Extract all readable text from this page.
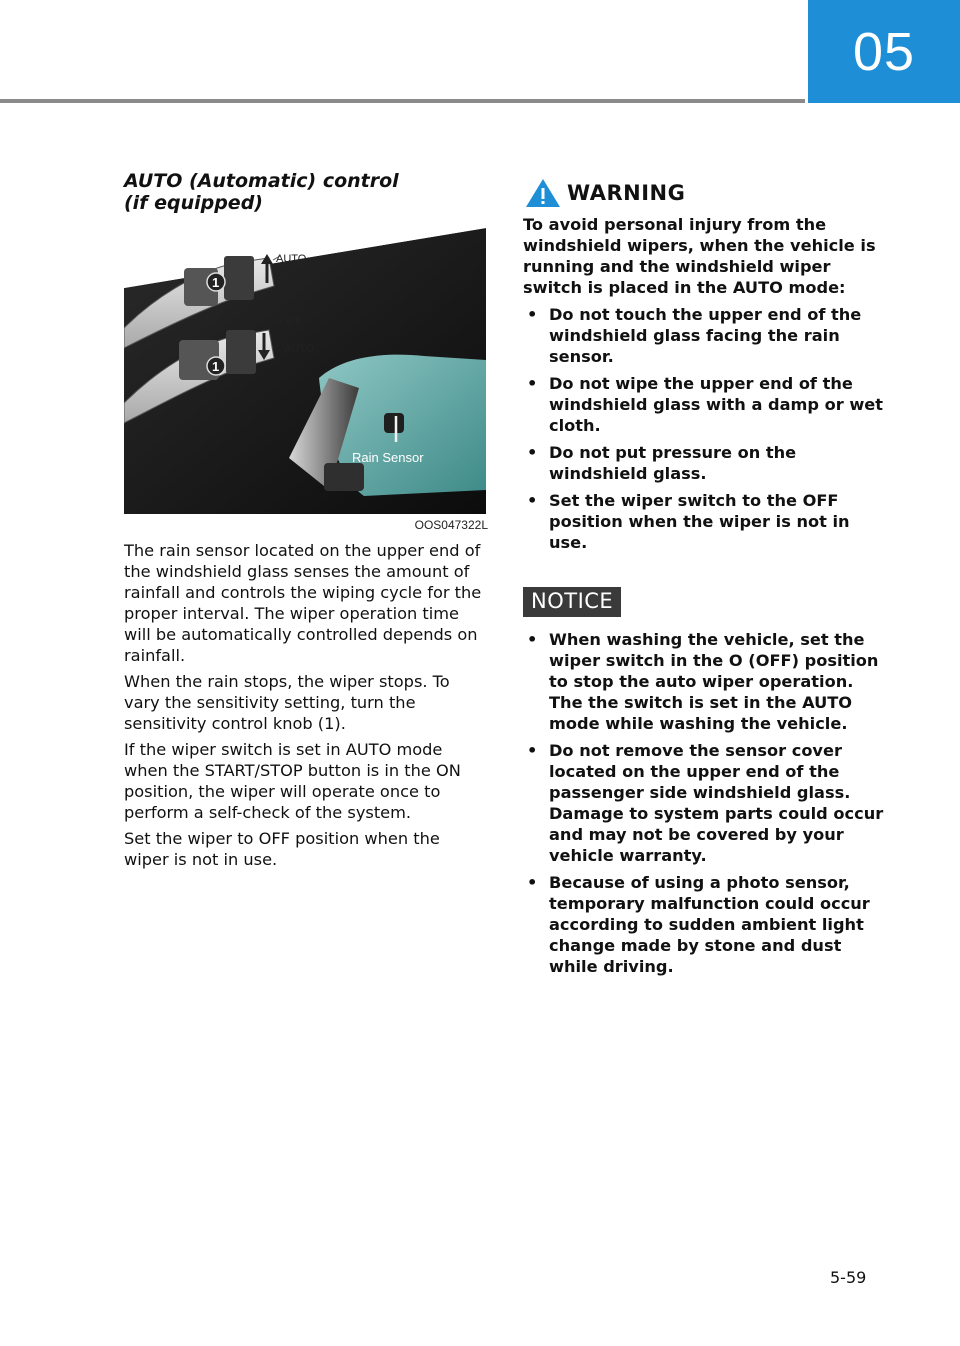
05
AUTO (Automatic) control
(if equipped)
1
AUTO
O
1
OFF
AUTO
Rain Sensor
OOS047322L

The rain sensor located on the upper end of the windshield glass senses the amount of rainfall and controls the wiping cycle for the proper interval. The wiper operation time will be automatically controlled depends on rainfall.

When the rain stops, the wiper stops. To vary the sensitivity setting, turn the sensitivity control knob (1).

If the wiper switch is set in AUTO mode when the START/STOP button is in the ON position, the wiper will operate once to perform a self-check of the system.

Set the wiper to OFF position when the wiper is not in use.

WARNING

To avoid personal injury from the windshield wipers, when the vehicle is running and the windshield wiper switch is placed in the AUTO mode:

• Do not touch the upper end of the windshield glass facing the rain sensor.
• Do not wipe the upper end of the windshield glass with a damp or wet cloth.
• Do not put pressure on the windshield glass.
• Set the wiper switch to the OFF position when the wiper is not in use.
NOTICE
• When washing the vehicle, set the wiper switch in the O (OFF) position to stop the auto wiper operation. The the switch is set in the AUTO mode while washing the vehicle.
• Do not remove the sensor cover located on the upper end of the passenger side windshield glass. Damage to system parts could occur and may not be covered by your vehicle warranty.
• Because of using a photo sensor, temporary malfunction could occur according to sudden ambient light change made by stone and dust while driving.
5-59
